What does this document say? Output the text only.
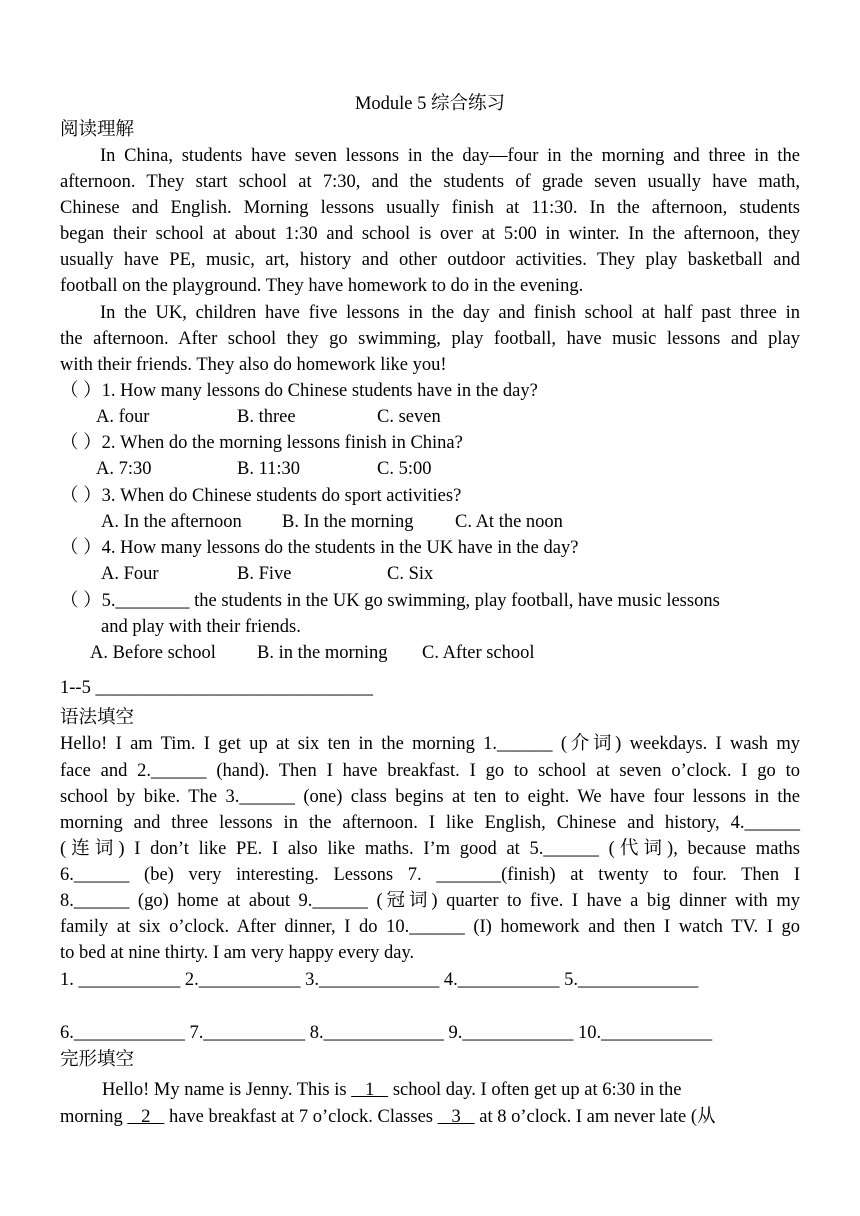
Module 5 综合练习
阅读理解
In China, students have seven lessons in the day—four in the morning and three in the
afternoon. They start school at 7:30, and the students of grade seven usually have math,
Chinese and English. Morning lessons usually finish at 11:30. In the afternoon, students
began their school at about 1:30 and school is over at 5:00 in winter. In the afternoon, they
usually have PE, music, art, history and other outdoor activities. They play basketball and
football on the playground. They have homework to do in the evening.
In the UK, children have five lessons in the day and finish school at half past three in
the afternoon. After school they go swimming, play football, have music lessons and play
with their friends. They also do homework like you!
（ ）1. How many lessons do Chinese students have in the day?
A. four	B. three	C. seven
（ ）2. When do the morning lessons finish in China?
A. 7:30	B. 11:30	C. 5:00
（ ）3. When do Chinese students do sport activities?
A. In the afternoon B. In the morning C. At the noon
（ ）4. How many lessons do the students in the UK have in the day?
A. Four	B. Five	C. Six
（ ）5.________ the students in the UK go swimming, play football, have music lessons
and play with their friends.
A. Before school B. in the morning C. After school
1--5 ______________________________
语法填空
Hello! I am Tim. I get up at six ten in the morning 1.______ (介词) weekdays. I wash my
face and 2.______ (hand). Then I have breakfast. I go to school at seven o’clock. I go to
school by bike. The 3.______ (one) class begins at ten to eight. We have four lessons in the
morning and three lessons in the afternoon. I like English, Chinese and history, 4.______
(连词) I don’t like PE. I also like maths. I’m good at 5.______ (代词), because maths
6.______ (be) very interesting. Lessons 7. _______(finish) at twenty to four. Then I
8.______ (go) home at about 9.______ (冠词) quarter to five. I have a big dinner with my
family at six o’clock. After dinner, I do 10.______ (I) homework and then I watch TV. I go
to bed at nine thirty. I am very happy every day.
1. ___________ 2.___________ 3._____________ 4.___________ 5._____________
6.____________ 7.___________ 8._____________ 9.____________ 10.____________
完形填空
Hello! My name is Jenny. This is    1    school day. I often get up at 6:30 in the
morning    2    have breakfast at 7 o’clock. Classes    3    at 8 o’clock. I am never late (从
